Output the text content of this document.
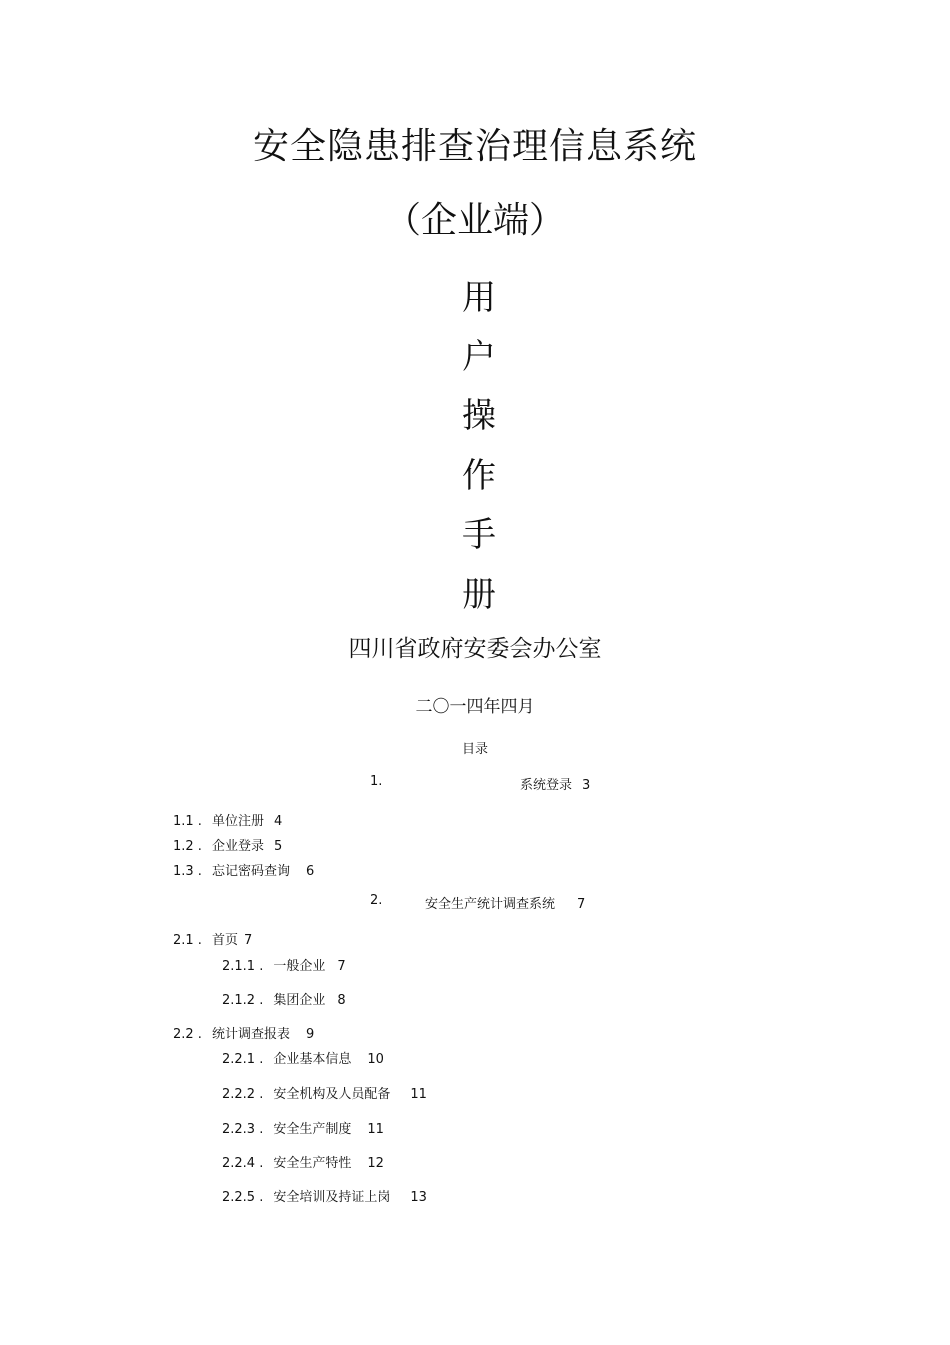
安全隐患排查治理信息系统
（企业端）
用
户
操
作
手
册
四川省政府安委会办公室
二〇一四年四月
目录
1.	系统登录 3
1.1 . 单位注册 4
1.2 . 企业登录 5
1.3 . 忘记密码查询 6
2.	安全生产统计调查系统 7
2.1 . 首页 7
2.1.1 . 一般企业 7
2.1.2 . 集团企业 8
2.2 . 统计调查报表 9
2.2.1 . 企业基本信息 10
2.2.2 . 安全机构及人员配备 11
2.2.3 . 安全生产制度 11
2.2.4 . 安全生产特性 12
2.2.5 . 安全培训及持证上岗 13
